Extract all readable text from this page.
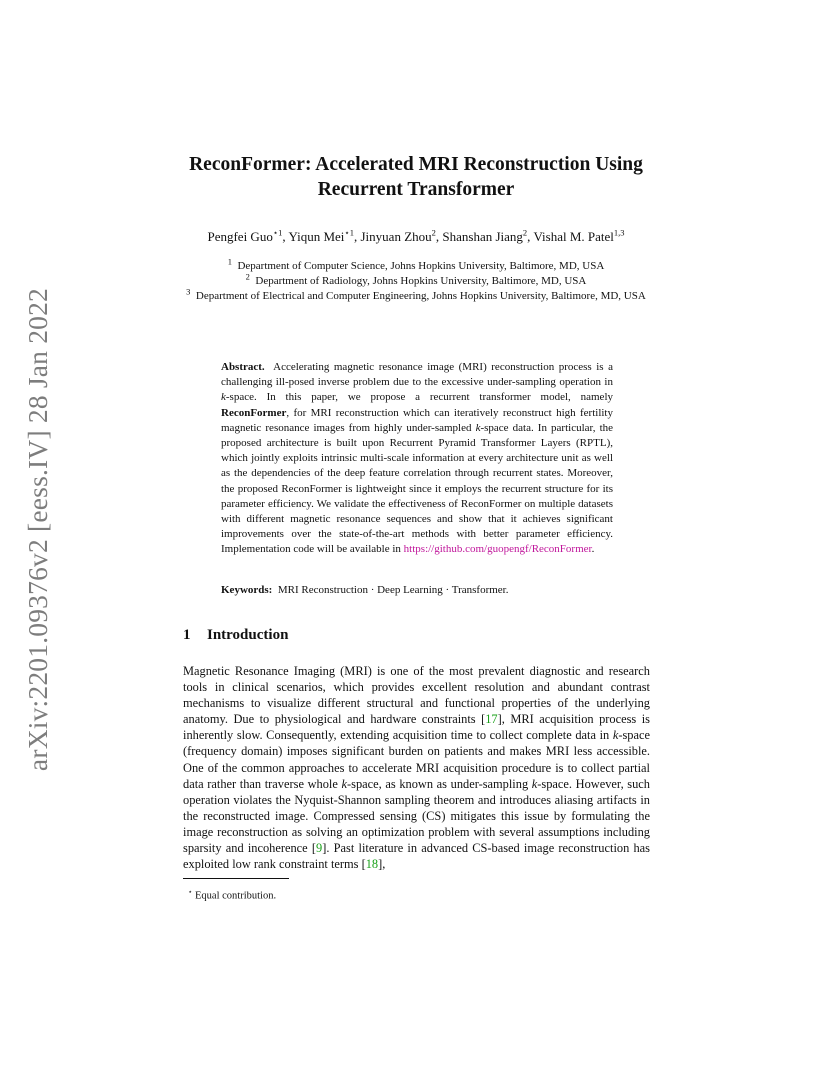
arXiv:2201.09376v2 [eess.IV] 28 Jan 2022
ReconFormer: Accelerated MRI Reconstruction Using
Recurrent Transformer
Pengfei Guo$^{⋆1}$, Yiqun Mei$^{⋆1}$, Jinyuan Zhou$^2$, Shanshan Jiang$^2$, Vishal M. Patel$^{1,3}$
$^1$ Department of Computer Science, Johns Hopkins University, Baltimore, MD, USA
$^2$ Department of Radiology, Johns Hopkins University, Baltimore, MD, USA
$^3$ Department of Electrical and Computer Engineering, Johns Hopkins University, Baltimore, MD, USA
Abstract. Accelerating magnetic resonance image (MRI) reconstruction process is a challenging ill-posed inverse problem due to the excessive under-sampling operation in k-space. In this paper, we propose a recurrent transformer model, namely ReconFormer, for MRI reconstruction which can iteratively reconstruct high fertility magnetic resonance images from highly under-sampled k-space data. In particular, the proposed architecture is built upon Recurrent Pyramid Transformer Layers (RPTL), which jointly exploits intrinsic multi-scale information at every architecture unit as well as the dependencies of the deep feature correlation through recurrent states. Moreover, the proposed ReconFormer is lightweight since it employs the recurrent structure for its parameter efficiency. We validate the effectiveness of ReconFormer on multiple datasets with different magnetic resonance sequences and show that it achieves significant improvements over the state-of-the-art methods with better parameter efficiency. Implementation code will be available in https://github.com/guopengf/ReconFormer.
Keywords: MRI Reconstruction · Deep Learning · Transformer.
1 Introduction
Magnetic Resonance Imaging (MRI) is one of the most prevalent diagnostic and research tools in clinical scenarios, which provides excellent resolution and abundant contrast mechanisms to visualize different structural and functional properties of the underlying anatomy. Due to physiological and hardware constraints [17], MRI acquisition process is inherently slow. Consequently, extending acquisition time to collect complete data in k-space (frequency domain) imposes significant burden on patients and makes MRI less accessible. One of the common approaches to accelerate MRI acquisition procedure is to collect partial data rather than traverse whole k-space, as known as under-sampling k-space. However, such operation violates the Nyquist-Shannon sampling theorem and introduces aliasing artifacts in the reconstructed image. Compressed sensing (CS) mitigates this issue by formulating the image reconstruction as solving an optimization problem with several assumptions including sparsity and incoherence [9]. Past literature in advanced CS-based image reconstruction has exploited low rank constraint terms [18],
⋆ Equal contribution.
